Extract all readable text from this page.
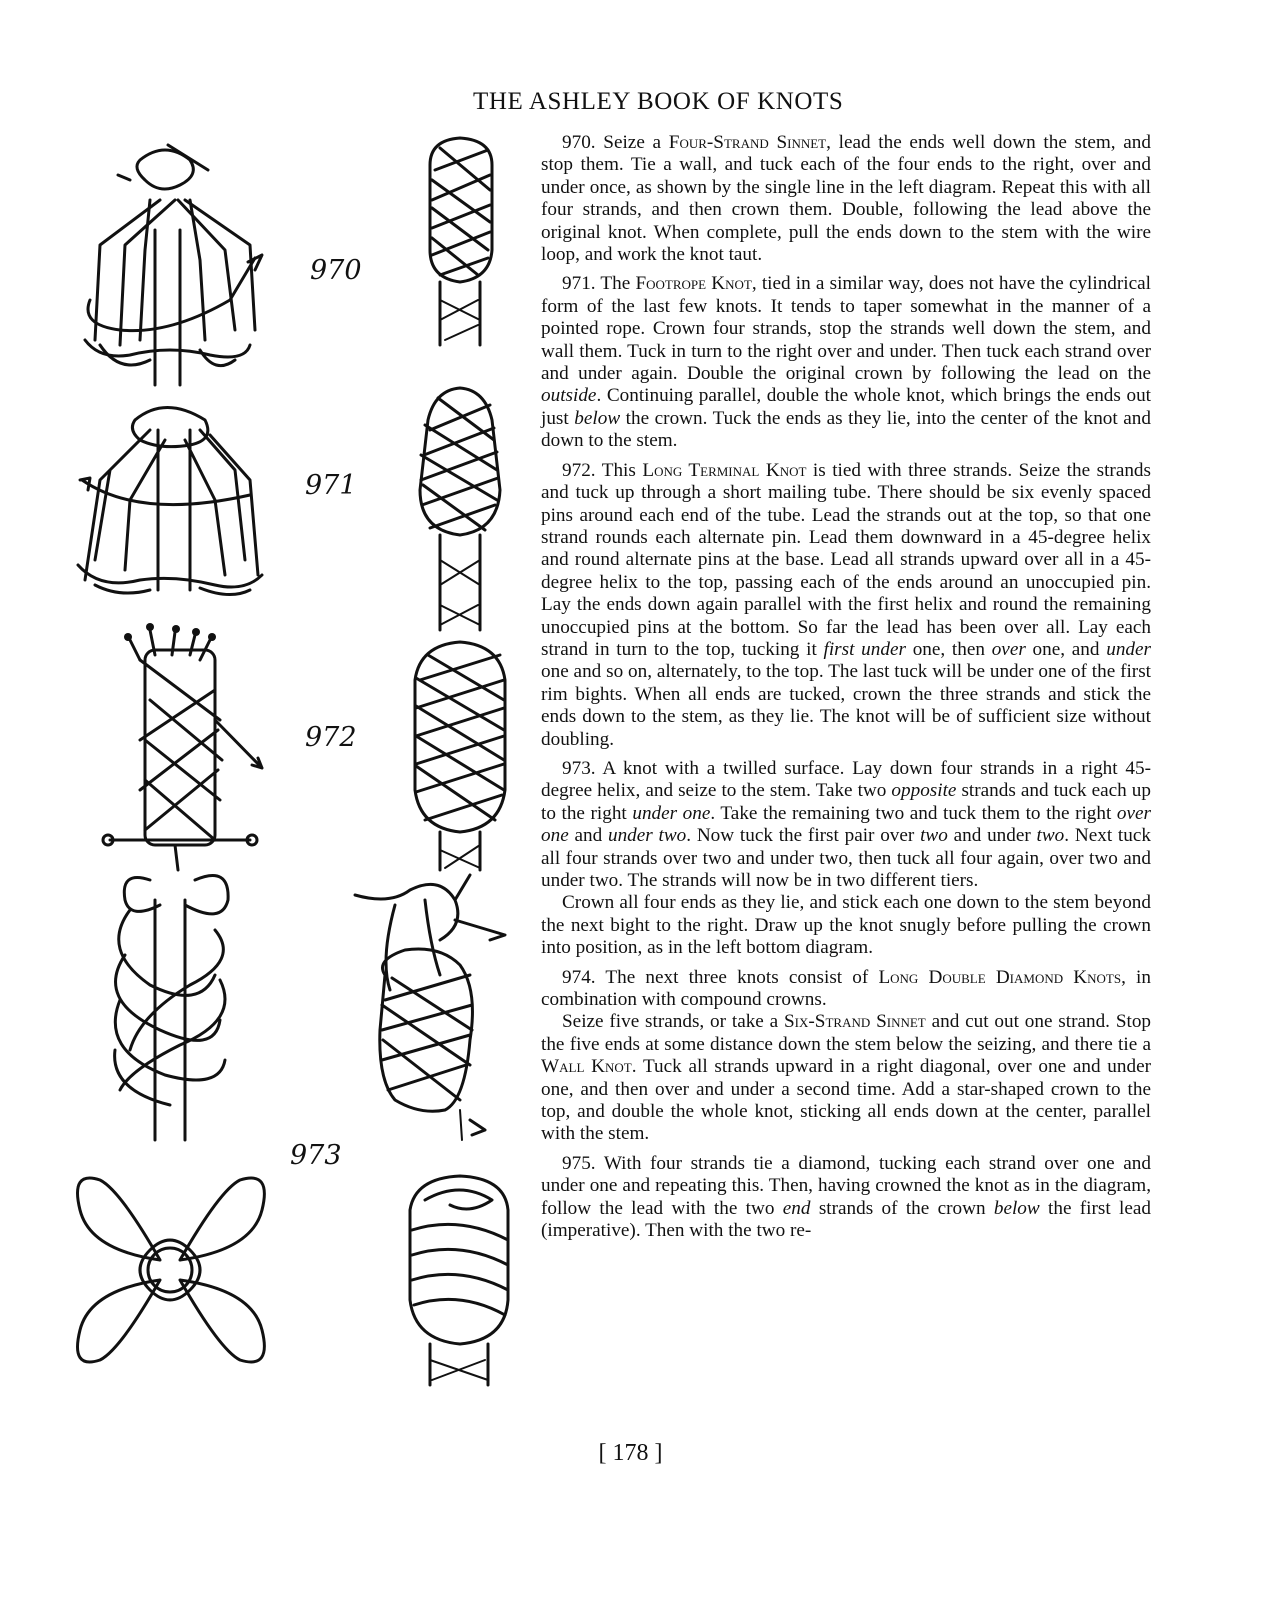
THE ASHLEY BOOK OF KNOTS
970
971
972
973

970. Seize a Four-Strand Sinnet, lead the ends well down the stem, and stop them. Tie a wall, and tuck each of the four ends to the right, over and under once, as shown by the single line in the left diagram. Repeat this with all four strands, and then crown them. Double, following the lead above the original knot. When complete, pull the ends down to the stem with the wire loop, and work the knot taut.

971. The Footrope Knot, tied in a similar way, does not have the cylindrical form of the last few knots. It tends to taper somewhat in the manner of a pointed rope. Crown four strands, stop the strands well down the stem, and wall them. Tuck in turn to the right over and under. Then tuck each strand over and under again. Double the original crown by following the lead on the outside. Continuing parallel, double the whole knot, which brings the ends out just below the crown. Tuck the ends as they lie, into the center of the knot and down to the stem.

972. This Long Terminal Knot is tied with three strands. Seize the strands and tuck up through a short mailing tube. There should be six evenly spaced pins around each end of the tube. Lead the strands out at the top, so that one strand rounds each alternate pin. Lead them downward in a 45-degree helix and round alternate pins at the base. Lead all strands upward over all in a 45-degree helix to the top, passing each of the ends around an unoccupied pin. Lay the ends down again parallel with the first helix and round the remaining unoccupied pins at the bottom. So far the lead has been over all. Lay each strand in turn to the top, tucking it first under one, then over one, and under one and so on, alternately, to the top. The last tuck will be under one of the first rim bights. When all ends are tucked, crown the three strands and stick the ends down to the stem, as they lie. The knot will be of sufficient size without doubling.

973. A knot with a twilled surface. Lay down four strands in a right 45-degree helix, and seize to the stem. Take two opposite strands and tuck each up to the right under one. Take the remaining two and tuck them to the right over one and under two. Now tuck the first pair over two and under two. Next tuck all four strands over two and under two, then tuck all four again, over two and under two. The strands will now be in two different tiers.

Crown all four ends as they lie, and stick each one down to the stem beyond the next bight to the right. Draw up the knot snugly before pulling the crown into position, as in the left bottom diagram.

974. The next three knots consist of Long Double Diamond Knots, in combination with compound crowns.

Seize five strands, or take a Six-Strand Sinnet and cut out one strand. Stop the five ends at some distance down the stem below the seizing, and there tie a Wall Knot. Tuck all strands upward in a right diagonal, over one and under one, and then over and under a second time. Add a star-shaped crown to the top, and double the whole knot, sticking all ends down at the center, parallel with the stem.

975. With four strands tie a diamond, tucking each strand over one and under one and repeating this. Then, having crowned the knot as in the diagram, follow the lead with the two end strands of the crown below the first lead (imperative). Then with the two re-

[ 178 ]
